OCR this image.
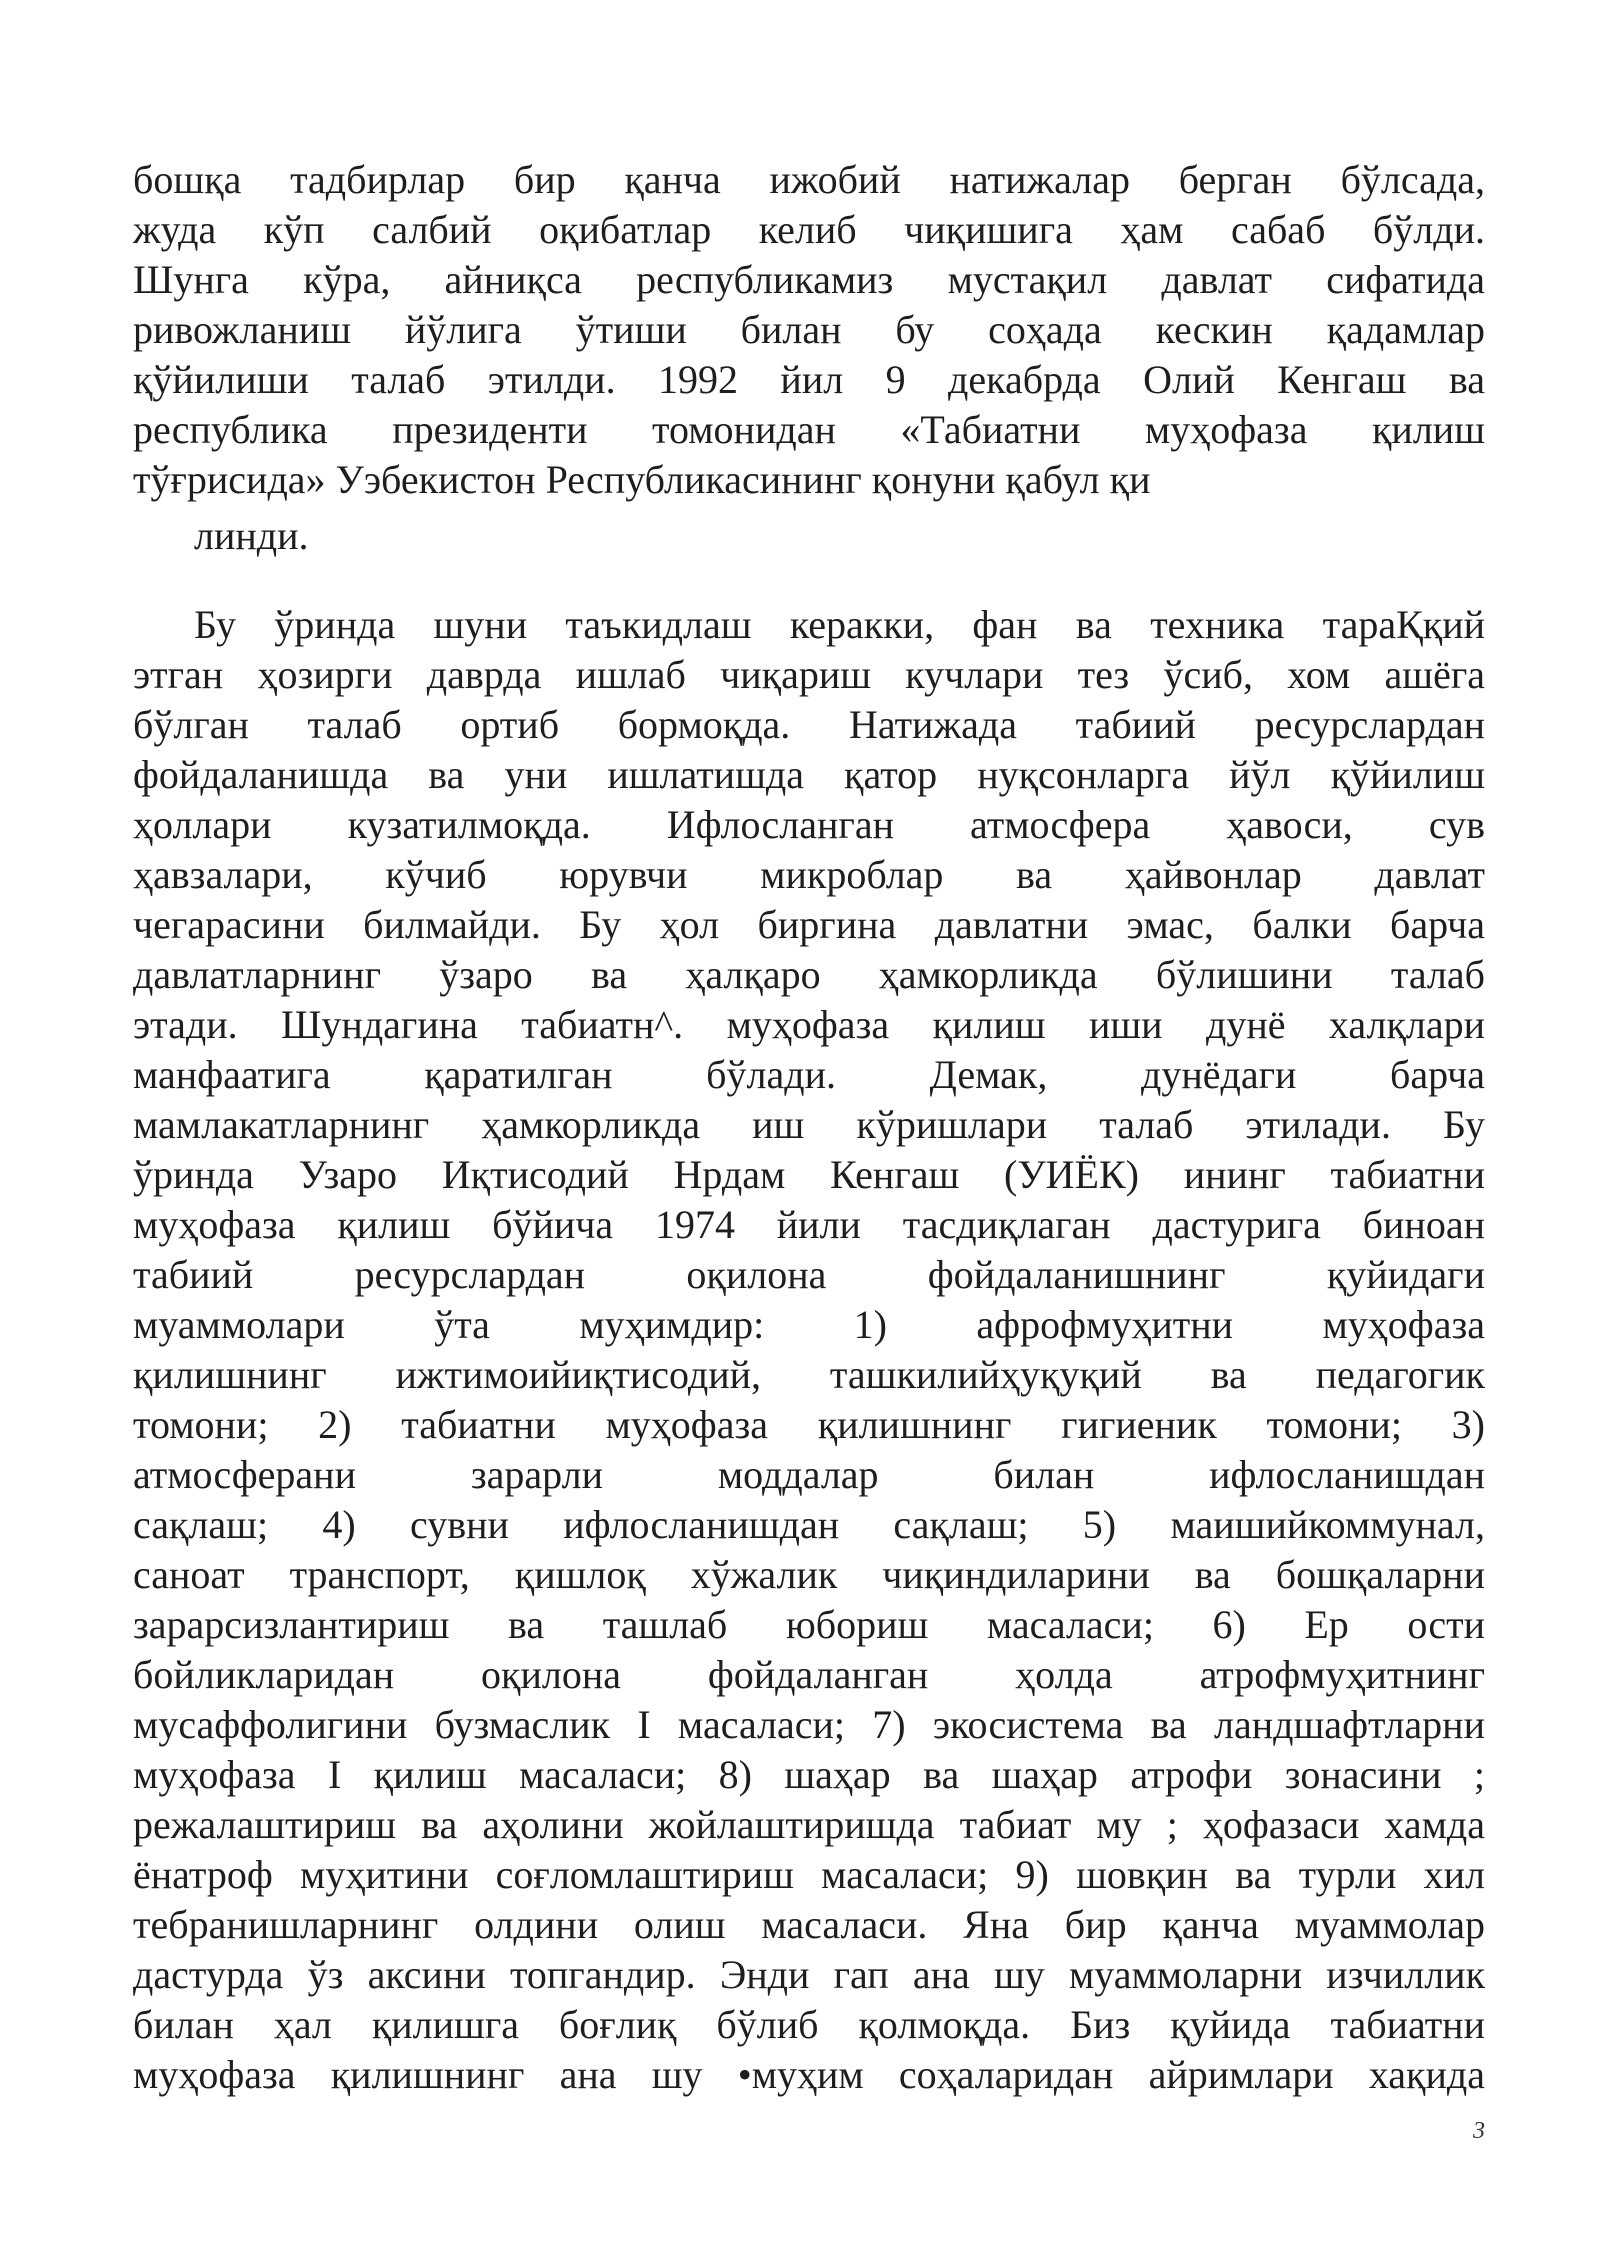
бошқа тадбирлар бир қанча ижобий натижалар берган бўлсада,
жуда кўп салбий оқибатлар келиб чиқишига ҳам сабаб бўлди.
Шунга кўра, айниқса республикамиз мустақил давлат сифатида
ривожланиш йўлига ўтиши билан бу соҳада кескин қадамлар
қўйилиши талаб этилди. 1992 йил 9 декабрда Олий Кенгаш ва
республика президенти томонидан «Табиатни муҳофаза қилиш
тўғрисида» Уэбекистон Республикасининг қонуни қабул қи
линди.
Бу ўринда шуни таъкидлаш керакки, фан ва техника тараҚқий
этган ҳозирги даврда ишлаб чиқариш кучлари тез ўсиб, хом ашёга
бўлган талаб ортиб бормоқда. Натижада табиий ресурслардан
фойдаланишда ва уни ишлатишда қатор нуқсонларга йўл қўйилиш
ҳоллари кузатилмоқда. Ифлосланган атмосфера ҳавоси, сув
ҳавзалари, кўчиб юрувчи микроблар ва ҳайвонлар давлат
чегарасини билмайди. Бу ҳол биргина давлатни эмас, балки барча
давлатларнинг ўзаро ва ҳалқаро ҳамкорликда бўлишини талаб
этади. Шундагина табиатн^. муҳофаза қилиш иши дунё халқлари
манфаатига қаратилган бўлади. Демак, дунёдаги барча
мамлакатларнинг ҳамкорликда иш кўришлари талаб этилади. Бу
ўринда Узаро Иқтисодий Нрдам Кенгаш (УИЁК) ининг табиатни
муҳофаза қилиш бўйича 1974 йили тасдиқлаган дастурига биноан
табиий ресурслардан оқилона фойдаланишнинг қуйидаги
муаммолари ўта муҳимдир: 1) афрофмуҳитни муҳофаза
қилишнинг ижтимоийиқтисодий, ташкилийҳуқуқий ва педагогик
томони; 2) табиатни муҳофаза қилишнинг гигиеник томони; 3)
атмосферани зарарли моддалар билан ифлосланишдан
сақлаш; 4) сувни ифлосланишдан сақлаш; 5) маишийкоммунал,
саноат транспорт, қишлоқ хўжалик чиқиндиларини ва бошқаларни
зарарсизлантириш ва ташлаб юбориш масаласи; 6) Ер ости
бойликларидан оқилона фойдаланган ҳолда атрофмуҳитнинг
мусаффолигини бузмаслик I масаласи; 7) экосистема ва ландшафтларни
муҳофаза I қилиш масаласи; 8) шаҳар ва шаҳар атрофи зонасини ;
режалаштириш ва аҳолини жойлаштиришда табиат му ; ҳофазаси хамда
ёнатроф муҳитини соғломлаштириш масаласи; 9) шовқин ва турли хил
тебранишларнинг олдини олиш масаласи. Яна бир қанча муаммолар
дастурда ўз аксини топгандир. Энди гап ана шу муаммоларни изчиллик
билан ҳал қилишга боғлиқ бўлиб қолмоқда. Биз қуйида табиатни
муҳофаза қилишнинг ана шу •муҳим соҳаларидан айримлари хақида
3
